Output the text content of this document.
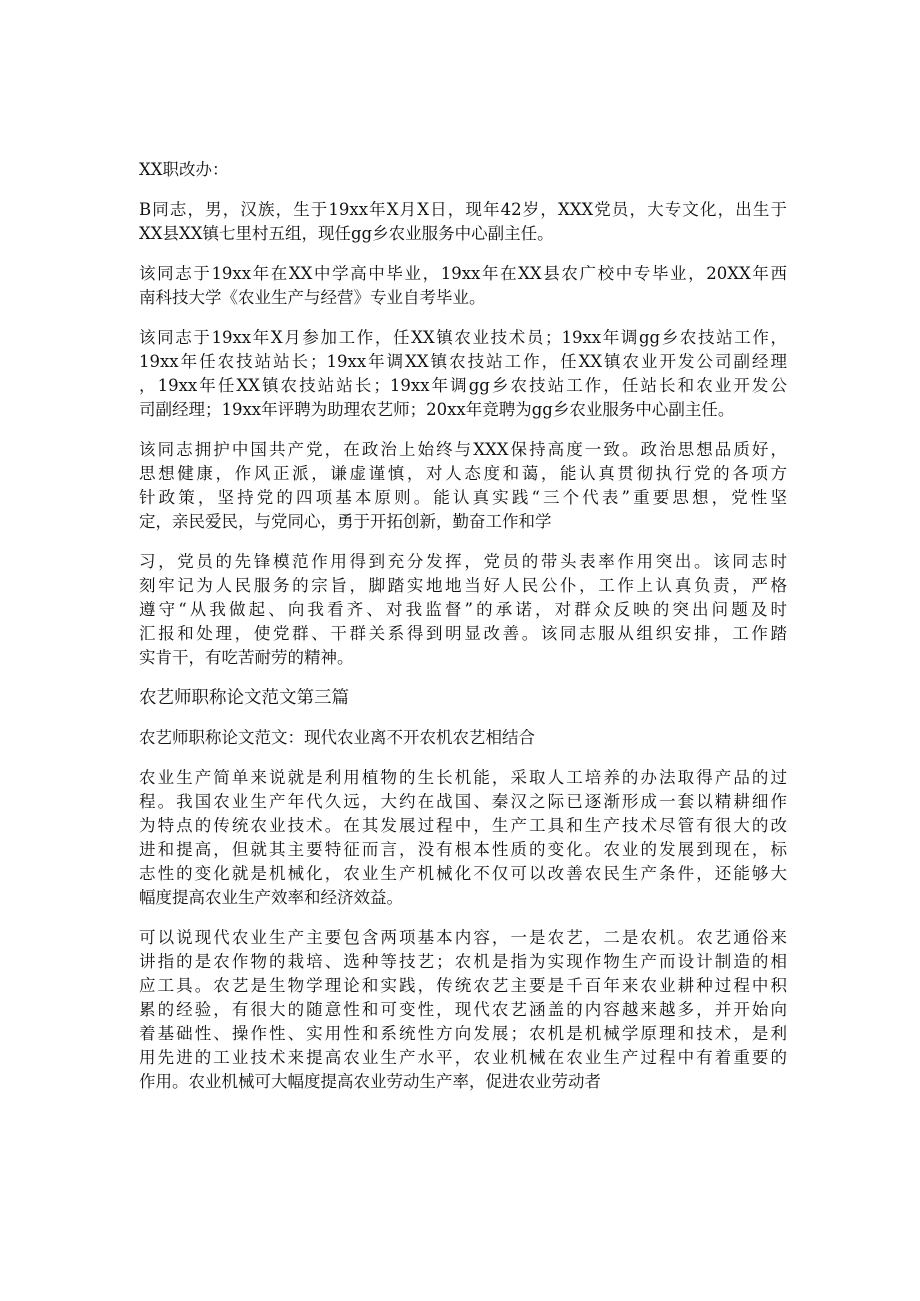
XX职改办：
B同志，男，汉族，生于19xx年X月X日，现年42岁，XXX党员，大专文化，出生于
XX县XX镇七里村五组，现任gg乡农业服务中心副主任。
该同志于19xx年在XX中学高中毕业，19xx年在XX县农广校中专毕业，20XX年西
南科技大学《农业生产与经营》专业自考毕业。
该同志于19xx年X月参加工作，任XX镇农业技术员；19xx年调gg乡农技站工作，
19xx年任农技站站长；19xx年调XX镇农技站工作，任XX镇农业开发公司副经理
，19xx年任XX镇农技站站长；19xx年调gg乡农技站工作，任站长和农业开发公
司副经理；19xx年评聘为助理农艺师；20xx年竞聘为gg乡农业服务中心副主任。
该同志拥护中国共产党，在政治上始终与XXX保持高度一致。政治思想品质好，
思想健康，作风正派，谦虚谨慎，对人态度和蔼，能认真贯彻执行党的各项方
针政策，坚持党的四项基本原则。能认真实践“三个代表”重要思想，党性坚
定，亲民爱民，与党同心，勇于开拓创新，勤奋工作和学
习，党员的先锋模范作用得到充分发挥，党员的带头表率作用突出。该同志时
刻牢记为人民服务的宗旨，脚踏实地地当好人民公仆，工作上认真负责，严格
遵守“从我做起、向我看齐、对我监督”的承诺，对群众反映的突出问题及时
汇报和处理，使党群、干群关系得到明显改善。该同志服从组织安排，工作踏
实肯干，有吃苦耐劳的精神。
农艺师职称论文范文第三篇
农艺师职称论文范文：现代农业离不开农机农艺相结合
农业生产简单来说就是利用植物的生长机能，采取人工培养的办法取得产品的过
程。我国农业生产年代久远，大约在战国、秦汉之际已逐渐形成一套以精耕细作
为特点的传统农业技术。在其发展过程中，生产工具和生产技术尽管有很大的改
进和提高，但就其主要特征而言，没有根本性质的变化。农业的发展到现在，标
志性的变化就是机械化，农业生产机械化不仅可以改善农民生产条件，还能够大
幅度提高农业生产效率和经济效益。
可以说现代农业生产主要包含两项基本内容，一是农艺，二是农机。农艺通俗来
讲指的是农作物的栽培、选种等技艺；农机是指为实现作物生产而设计制造的相
应工具。农艺是生物学理论和实践，传统农艺主要是千百年来农业耕种过程中积
累的经验，有很大的随意性和可变性，现代农艺涵盖的内容越来越多，并开始向
着基础性、操作性、实用性和系统性方向发展；农机是机械学原理和技术，是利
用先进的工业技术来提高农业生产水平，农业机械在农业生产过程中有着重要的
作用。农业机械可大幅度提高农业劳动生产率，促进农业劳动者
